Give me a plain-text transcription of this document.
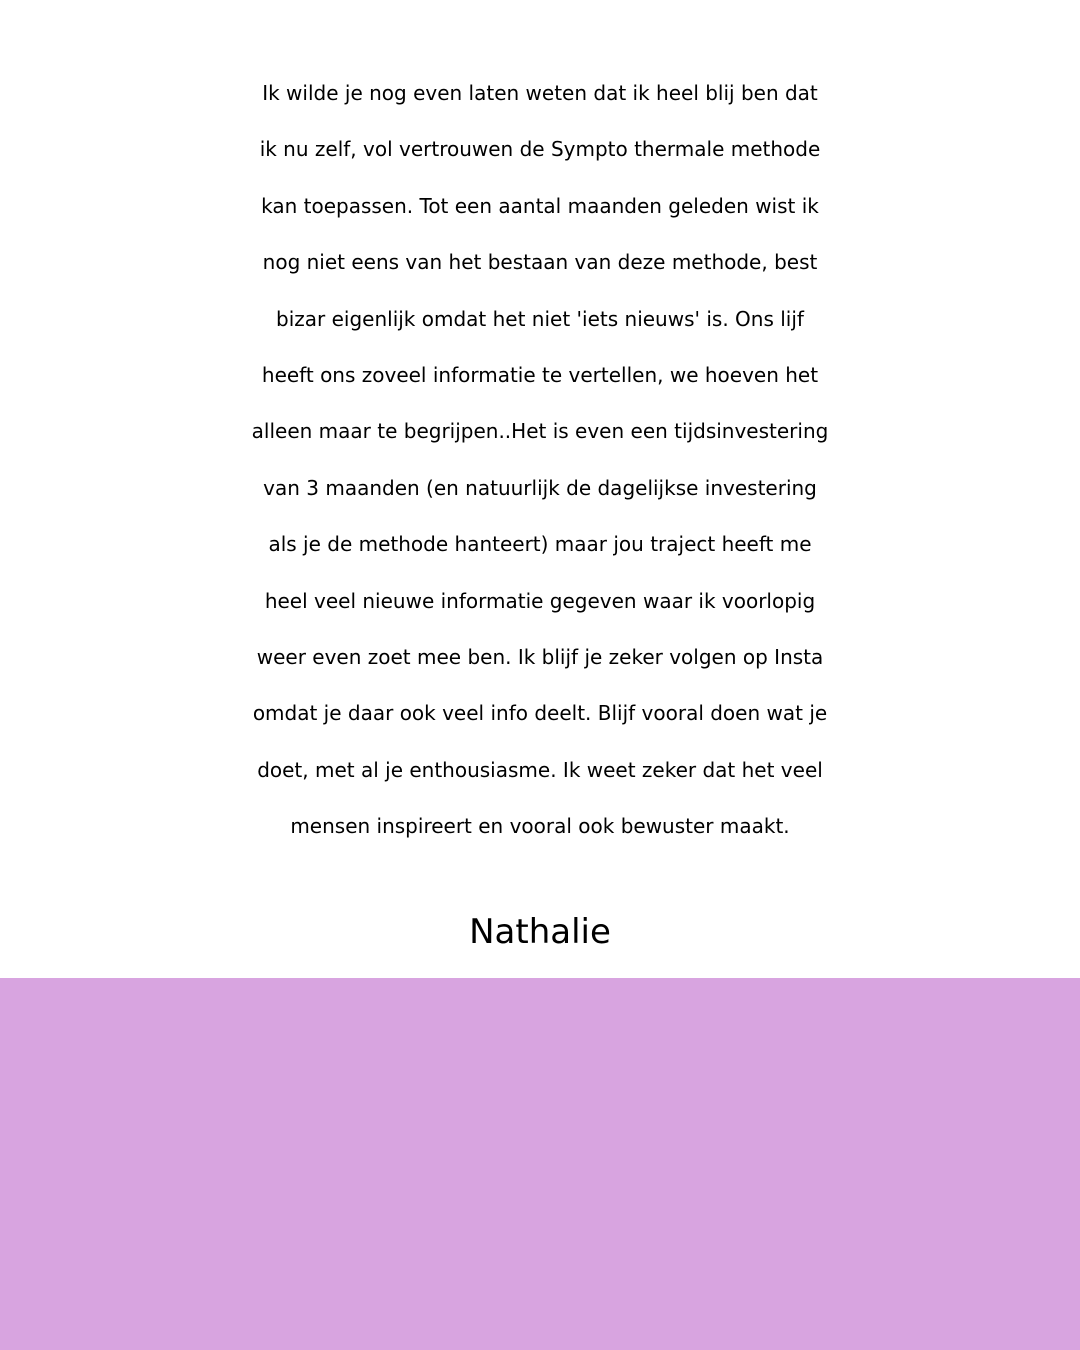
Ik wilde je nog even laten weten dat ik heel blij ben dat
ik nu zelf, vol vertrouwen de Sympto thermale methode
kan toepassen. Tot een aantal maanden geleden wist ik
nog niet eens van het bestaan van deze methode, best
bizar eigenlijk omdat het niet 'iets nieuws' is. Ons lijf
heeft ons zoveel informatie te vertellen, we hoeven het
alleen maar te begrijpen..Het is even een tijdsinvestering
van 3 maanden (en natuurlijk de dagelijkse investering
als je de methode hanteert) maar jou traject heeft me
heel veel nieuwe informatie gegeven waar ik voorlopig
weer even zoet mee ben. Ik blijf je zeker volgen op Insta
omdat je daar ook veel info deelt. Blijf vooral doen wat je
doet, met al je enthousiasme. Ik weet zeker dat het veel
mensen inspireert en vooral ook bewuster maakt.

Nathalie
